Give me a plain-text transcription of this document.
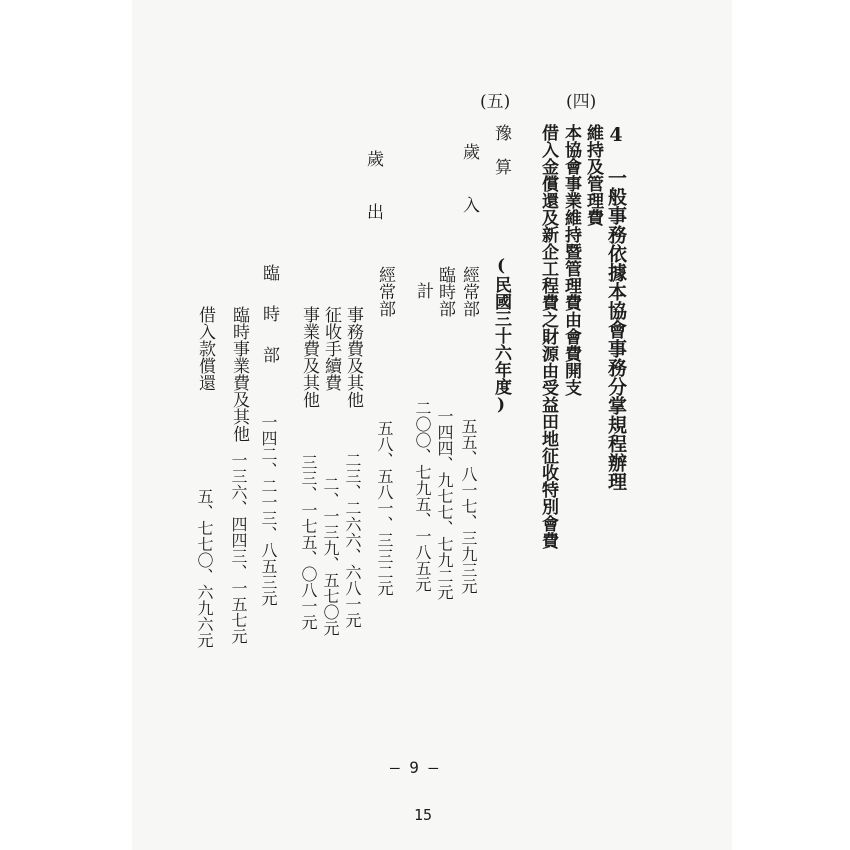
(四)
(五)
4 一般事務依據本協會事務分掌規程辦理
維持及管理費
本協會事業維持暨管理費由會費開支
借入金償還及新企工程費之財源由受益田地征收特別會費
豫　算
(民國三十六年度)
歲入
經常部
五五、八一七、三九三元
臨時部
一四四、九七七、七九二元
計
二〇〇、七九五、一八五元
歲出
經常部
五八、五八一、三三二元
事務費及其他
二三、二六六、六八一元
征收手續費
二、一三九、五七〇元
事業費及其他
三三、一七五、〇八一元
臨時部
一四二、二一三、八五三元
臨時事業費及其他
一三六、四四三、一五七元
借入款償還
五、七七〇、六九六元
— 9 —
15
